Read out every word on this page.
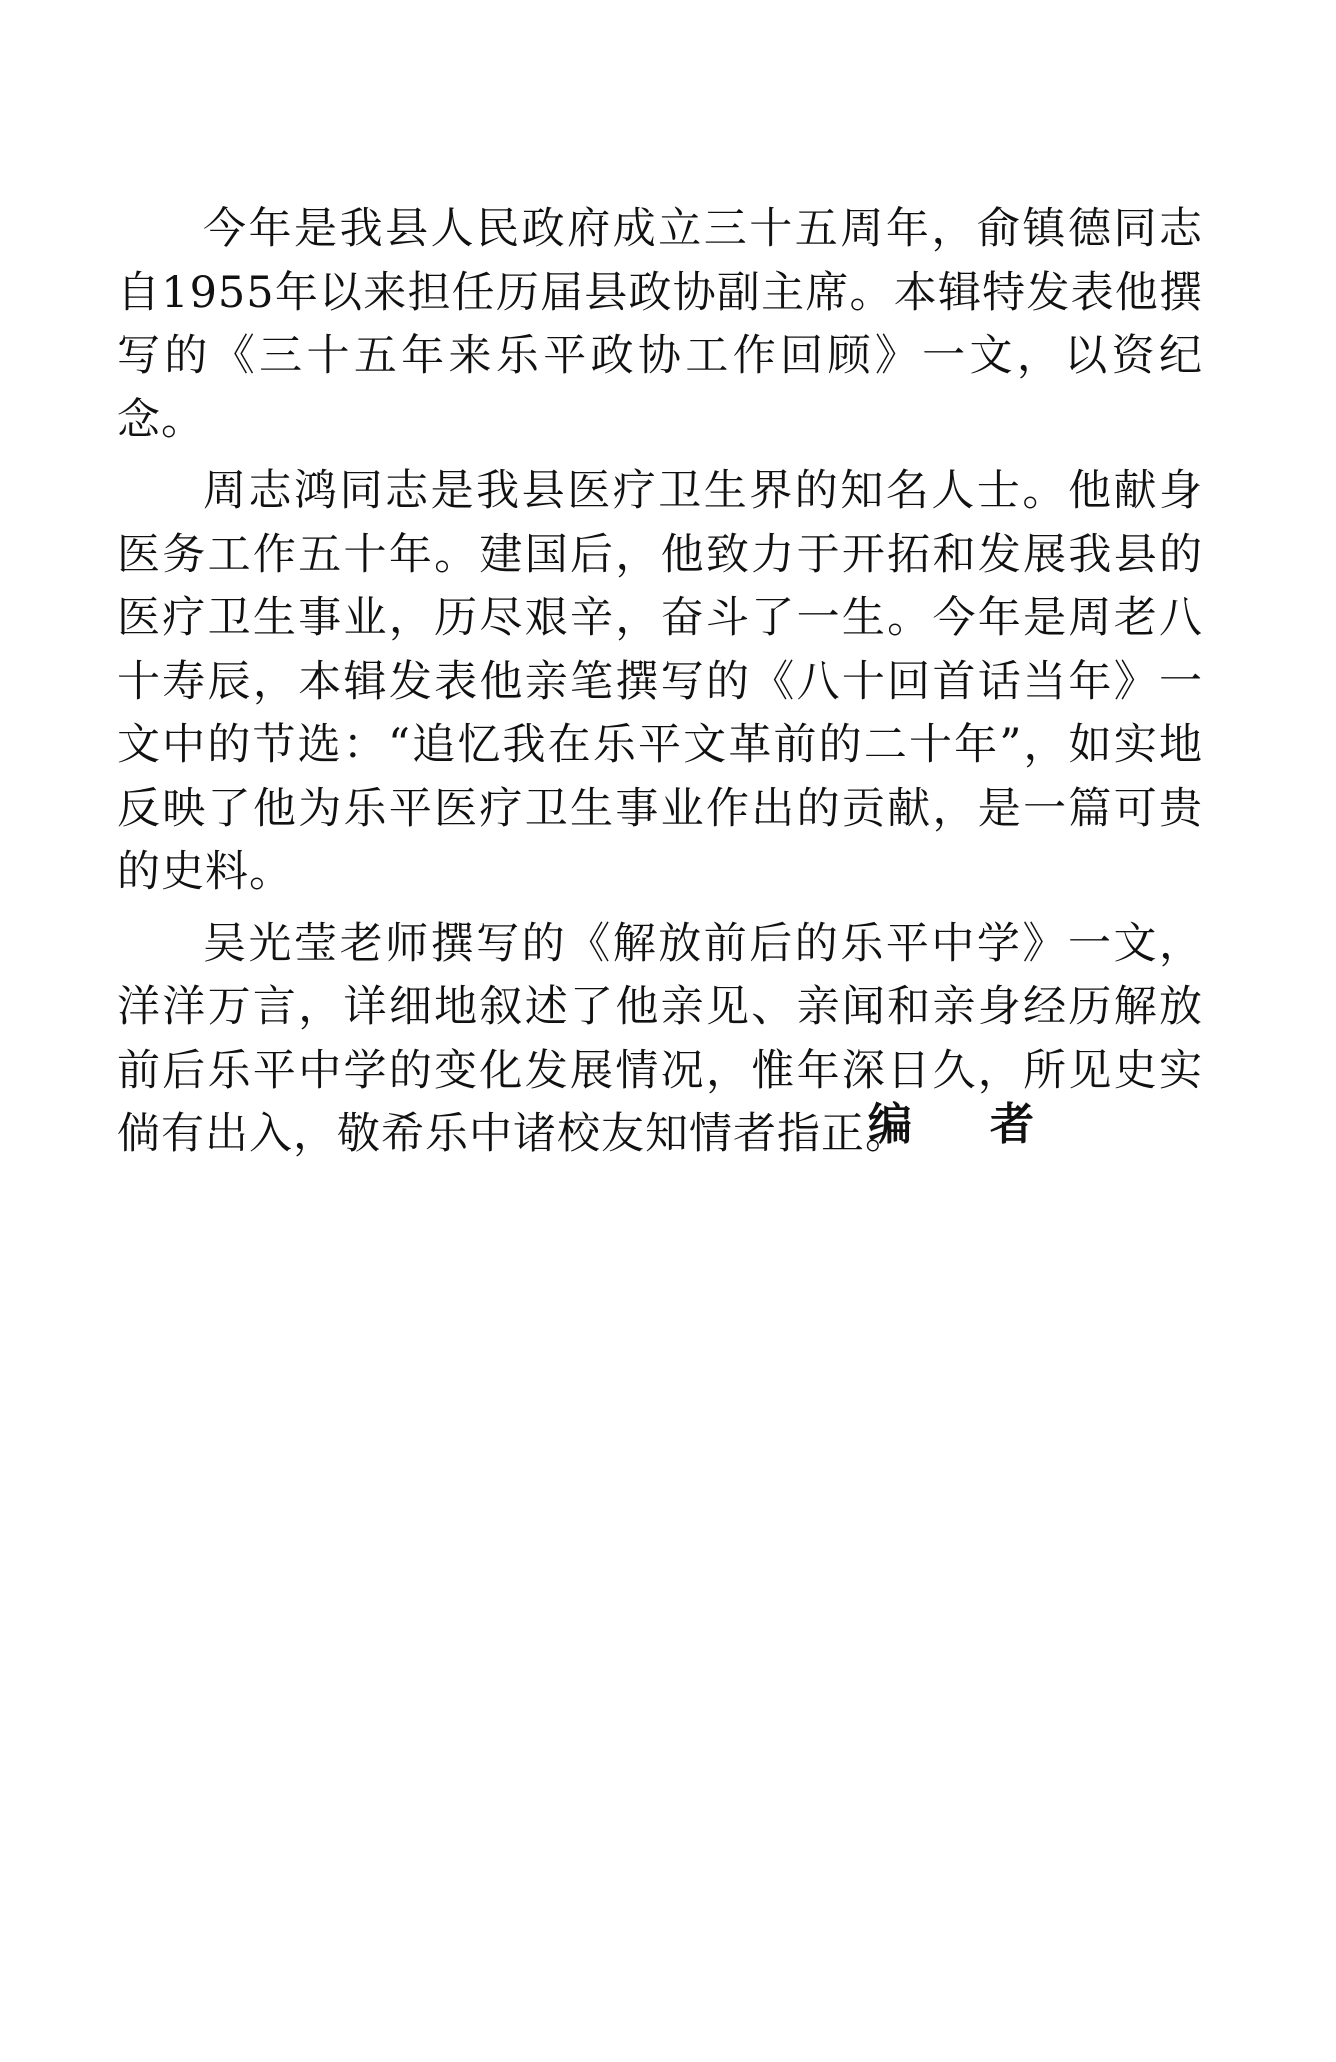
今年是我县人民政府成立三十五周年，俞镇德同志自1955年以来担任历届县政协副主席。本辑特发表他撰写的《三十五年来乐平政协工作回顾》一文，以资纪念。

周志鸿同志是我县医疗卫生界的知名人士。他献身医务工作五十年。建国后，他致力于开拓和发展我县的医疗卫生事业，历尽艰辛，奋斗了一生。今年是周老八十寿辰，本辑发表他亲笔撰写的《八十回首话当年》一文中的节选：“追忆我在乐平文革前的二十年”，如实地反映了他为乐平医疗卫生事业作出的贡献，是一篇可贵的史料。

吴光莹老师撰写的《解放前后的乐平中学》一文，洋洋万言，详细地叙述了他亲见、亲闻和亲身经历解放前后乐平中学的变化发展情况，惟年深日久，所见史实倘有出入，敬希乐中诸校友知情者指正。

编者
